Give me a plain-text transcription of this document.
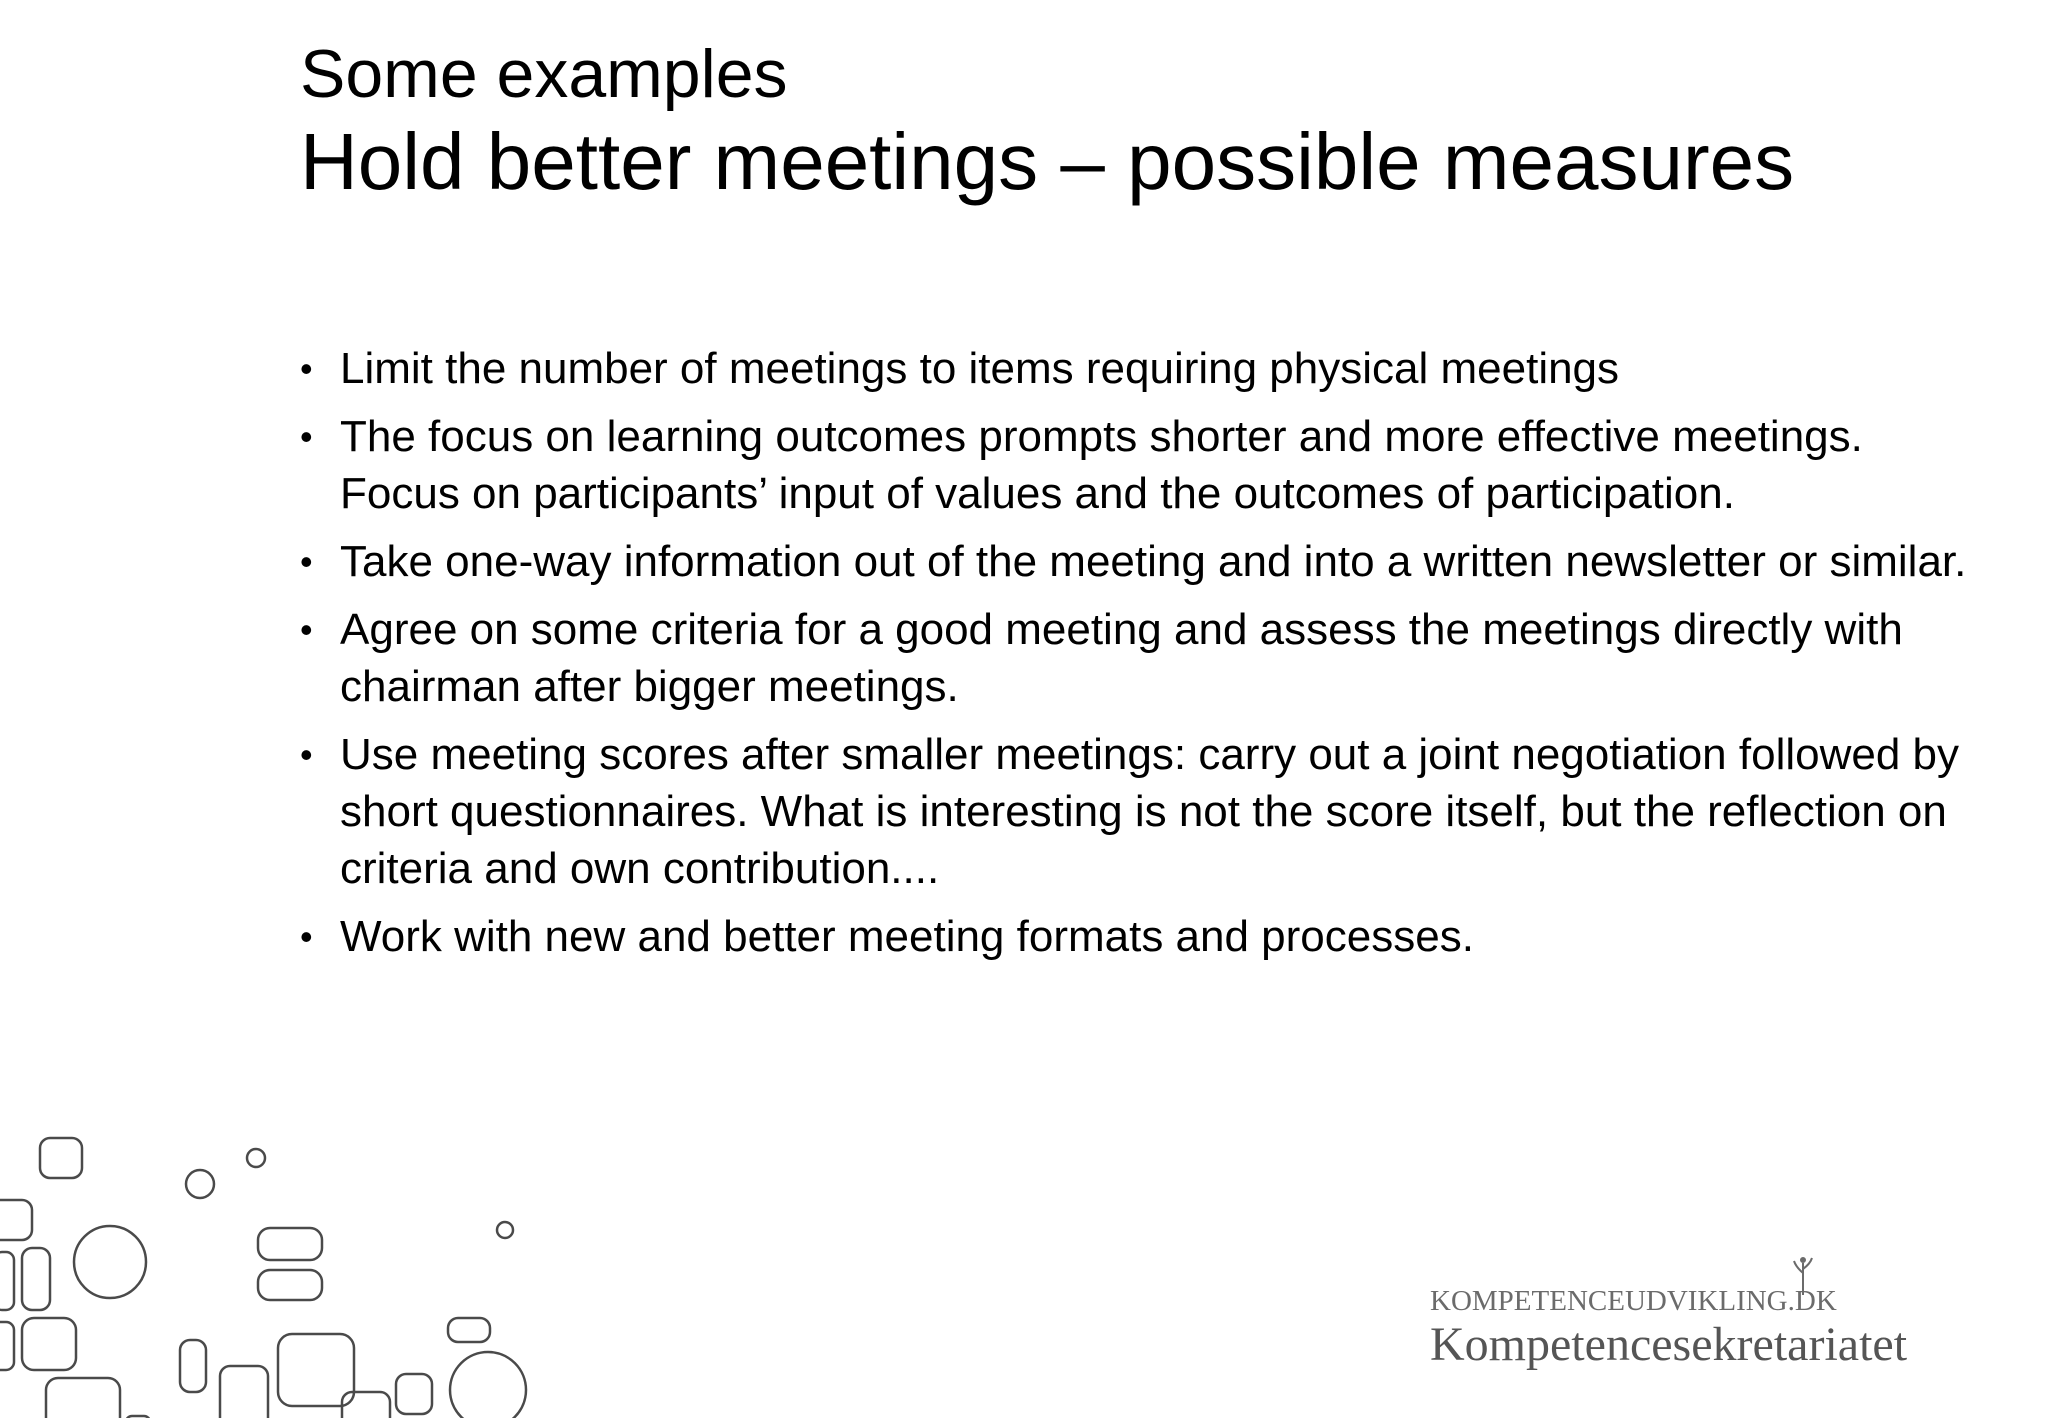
Some examples
Hold better meetings – possible measures
• Limit the number of meetings to items requiring physical meetings
• The focus on learning outcomes prompts shorter and more effective meetings. Focus on participants’ input of values and the outcomes of participation.
• Take one-way information out of the meeting and into a written newsletter or similar.
• Agree on some criteria for a good meeting and assess the meetings directly with chairman after bigger meetings.
• Use meeting scores after smaller meetings: carry out a joint negotiation followed by short questionnaires. What is interesting is not the score itself, but the reflection on criteria and own contribution....
• Work with new and better meeting formats and processes.
KOMPETENCEUDVIKLING.DK
Kompetencesekretariatet
